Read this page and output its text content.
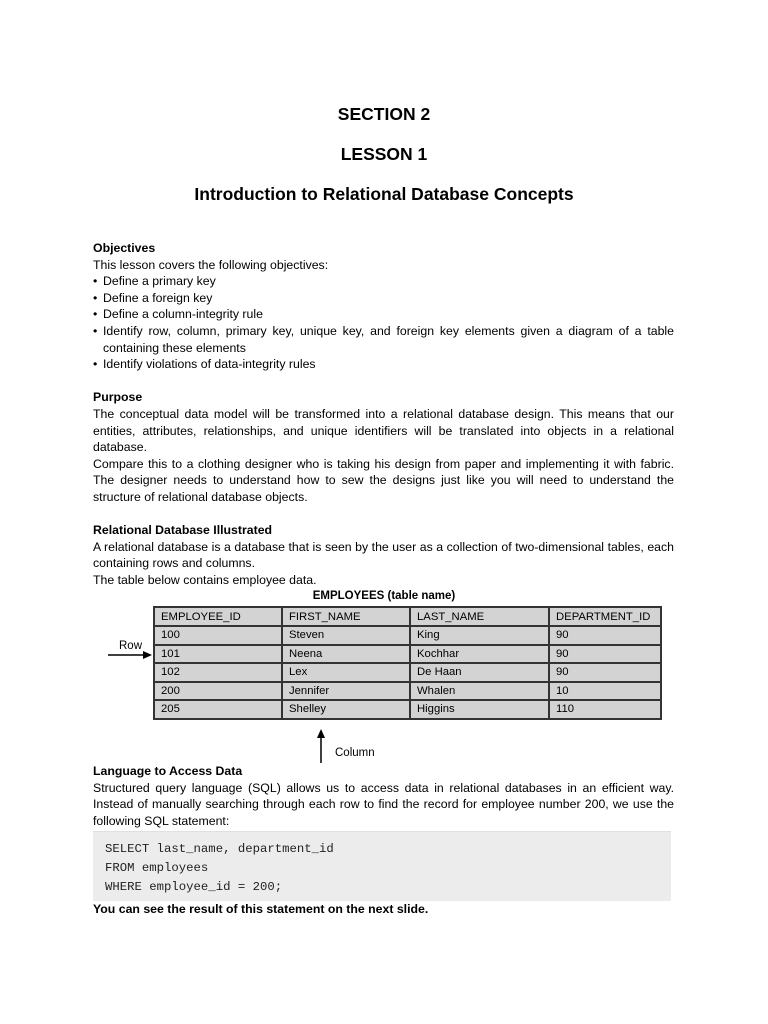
SECTION 2
LESSON 1
Introduction to Relational Database Concepts
Objectives
This lesson covers the following objectives:
• Define a primary key
• Define a foreign key
• Define a column-integrity rule
• Identify row, column, primary key, unique key, and foreign key elements given a diagram of a table containing these elements
• Identify violations of data-integrity rules
Purpose

The conceptual data model will be transformed into a relational database design. This means that our entities, attributes, relationships, and unique identifiers will be translated into objects in a relational database.

Compare this to a clothing designer who is taking his design from paper and implementing it with fabric. The designer needs to understand how to sew the designs just like you will need to understand the structure of relational database objects.

Relational Database Illustrated

A relational database is a database that is seen by the user as a collection of two-dimensional tables, each containing rows and columns.

The table below contains employee data.

EMPLOYEES (table name)
EMPLOYEE_ID	FIRST_NAME	LAST_NAME	DEPARTMENT_ID
100	Steven	King	90
101	Neena	Kochhar	90
102	Lex	De Haan	90
200	Jennifer	Whalen	10
205	Shelley	Higgins	110
Row
Column
Language to Access Data

Structured query language (SQL) allows us to access data in relational databases in an efficient way. Instead of manually searching through each row to find the record for employee number 200, we use the following SQL statement:

SELECT last_name, department_id
FROM employees
WHERE employee_id = 200;

You can see the result of this statement on the next slide.
